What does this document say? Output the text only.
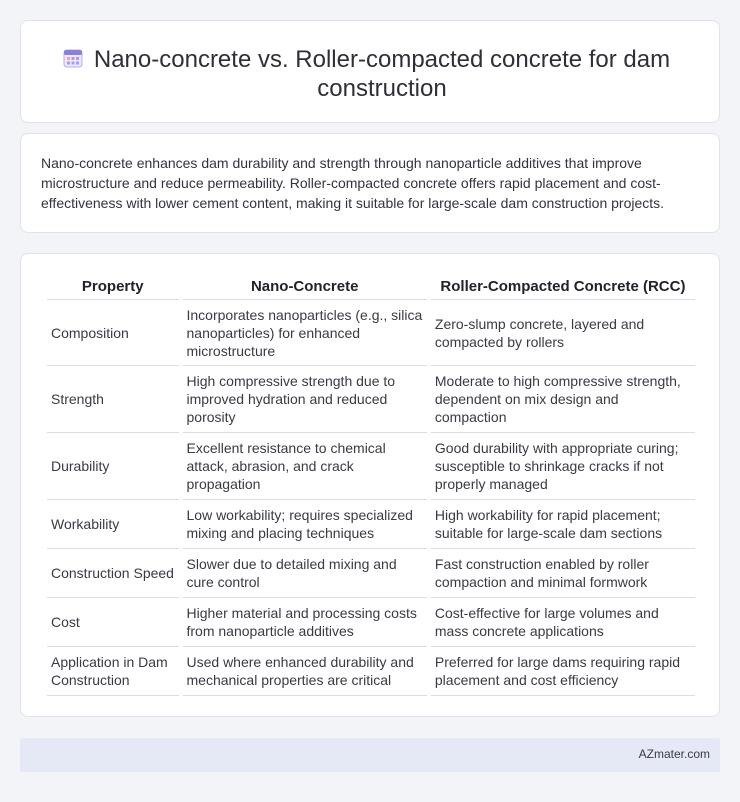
Nano-concrete vs. Roller-compacted concrete for dam construction

Nano-concrete enhances dam durability and strength through nanoparticle additives that improve microstructure and reduce permeability. Roller-compacted concrete offers rapid placement and cost-effectiveness with lower cement content, making it suitable for large-scale dam construction projects.

Property	Nano-Concrete	Roller-Compacted Concrete (RCC)
Composition	Incorporates nanoparticles (e.g., silica nanoparticles) for enhanced microstructure	Zero-slump concrete, layered and compacted by rollers
Strength	High compressive strength due to improved hydration and reduced porosity	Moderate to high compressive strength, dependent on mix design and compaction
Durability	Excellent resistance to chemical attack, abrasion, and crack propagation	Good durability with appropriate curing; susceptible to shrinkage cracks if not properly managed
Workability	Low workability; requires specialized mixing and placing techniques	High workability for rapid placement; suitable for large-scale dam sections
Construction Speed	Slower due to detailed mixing and cure control	Fast construction enabled by roller compaction and minimal formwork
Cost	Higher material and processing costs from nanoparticle additives	Cost-effective for large volumes and mass concrete applications
Application in Dam Construction	Used where enhanced durability and mechanical properties are critical	Preferred for large dams requiring rapid placement and cost efficiency
AZmater.com
